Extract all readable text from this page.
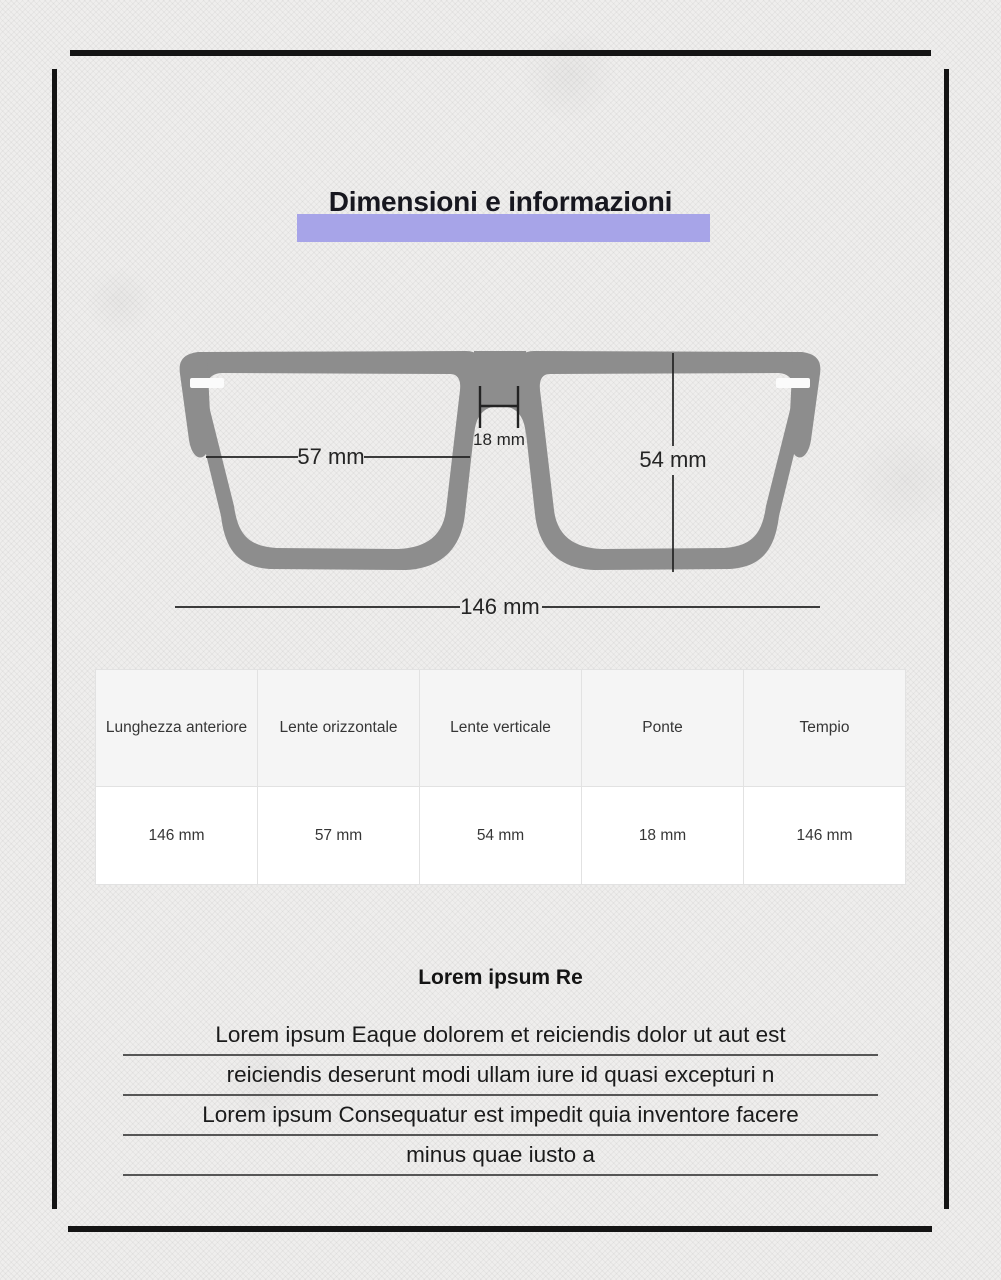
Dimensioni e informazioni
57 mm
18 mm
54 mm
146 mm
Lunghezza anteriore	Lente orizzontale	Lente verticale	Ponte	Tempio
146 mm	57 mm	54 mm	18 mm	146 mm
Lorem ipsum Re
Lorem ipsum Eaque dolorem et reiciendis dolor ut aut est
reiciendis deserunt modi ullam iure id quasi excepturi n
Lorem ipsum Consequatur est impedit quia inventore facere
minus quae iusto a
